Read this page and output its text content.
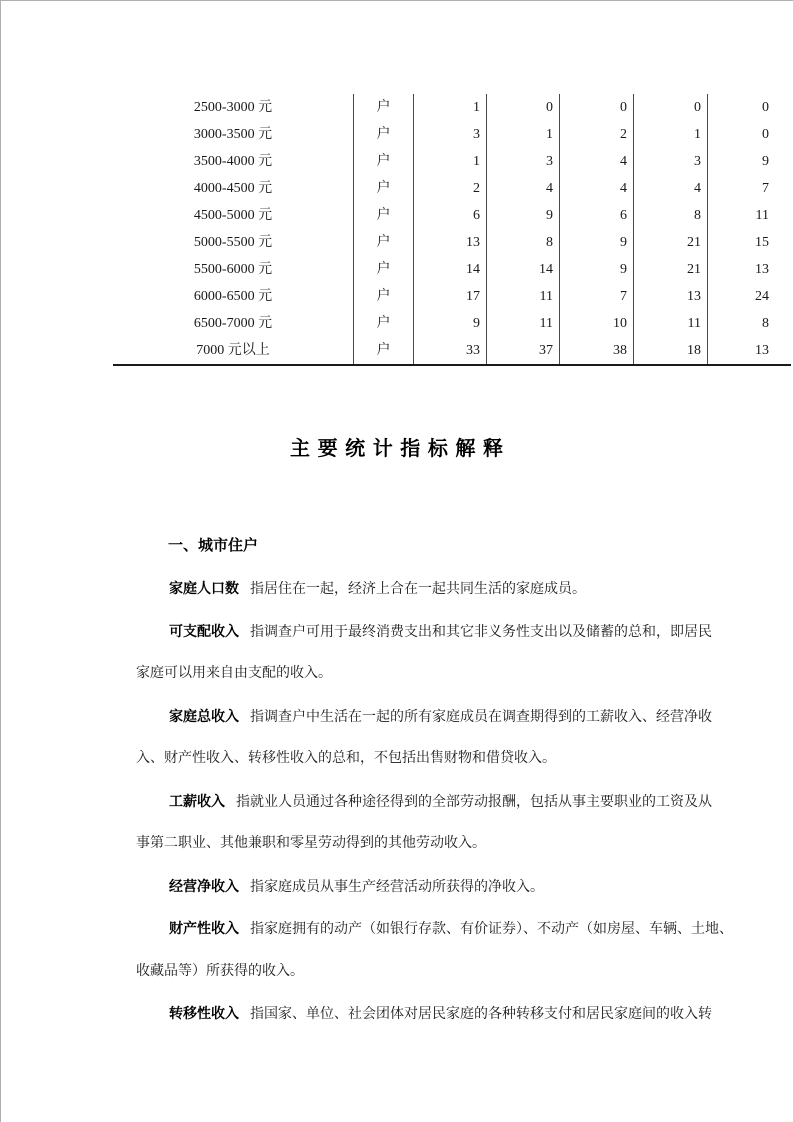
2500-3000 元	户	1	0	0	0	0
3000-3500 元	户	3	1	2	1	0
3500-4000 元	户	1	3	4	3	9
4000-4500 元	户	2	4	4	4	7
4500-5000 元	户	6	9	6	8	11
5000-5500 元	户	13	8	9	21	15
5500-6000 元	户	14	14	9	21	13
6000-6500 元	户	17	11	7	13	24
6500-7000 元	户	9	11	10	11	8
7000 元以上	户	33	37	38	18	13
主 要 统 计 指 标 解 释
一、城市住户
家庭人口数 指居住在一起，经济上合在一起共同生活的家庭成员。
可支配收入 指调查户可用于最终消费支出和其它非义务性支出以及储蓄的总和，即居民
家庭可以用来自由支配的收入。
家庭总收入 指调查户中生活在一起的所有家庭成员在调查期得到的工薪收入、经营净收
入、财产性收入、转移性收入的总和，不包括出售财物和借贷收入。
工薪收入 指就业人员通过各种途径得到的全部劳动报酬，包括从事主要职业的工资及从
事第二职业、其他兼职和零星劳动得到的其他劳动收入。
经营净收入 指家庭成员从事生产经营活动所获得的净收入。
财产性收入 指家庭拥有的动产（如银行存款、有价证券）、不动产（如房屋、车辆、土地、
收藏品等）所获得的收入。
转移性收入 指国家、单位、社会团体对居民家庭的各种转移支付和居民家庭间的收入转
